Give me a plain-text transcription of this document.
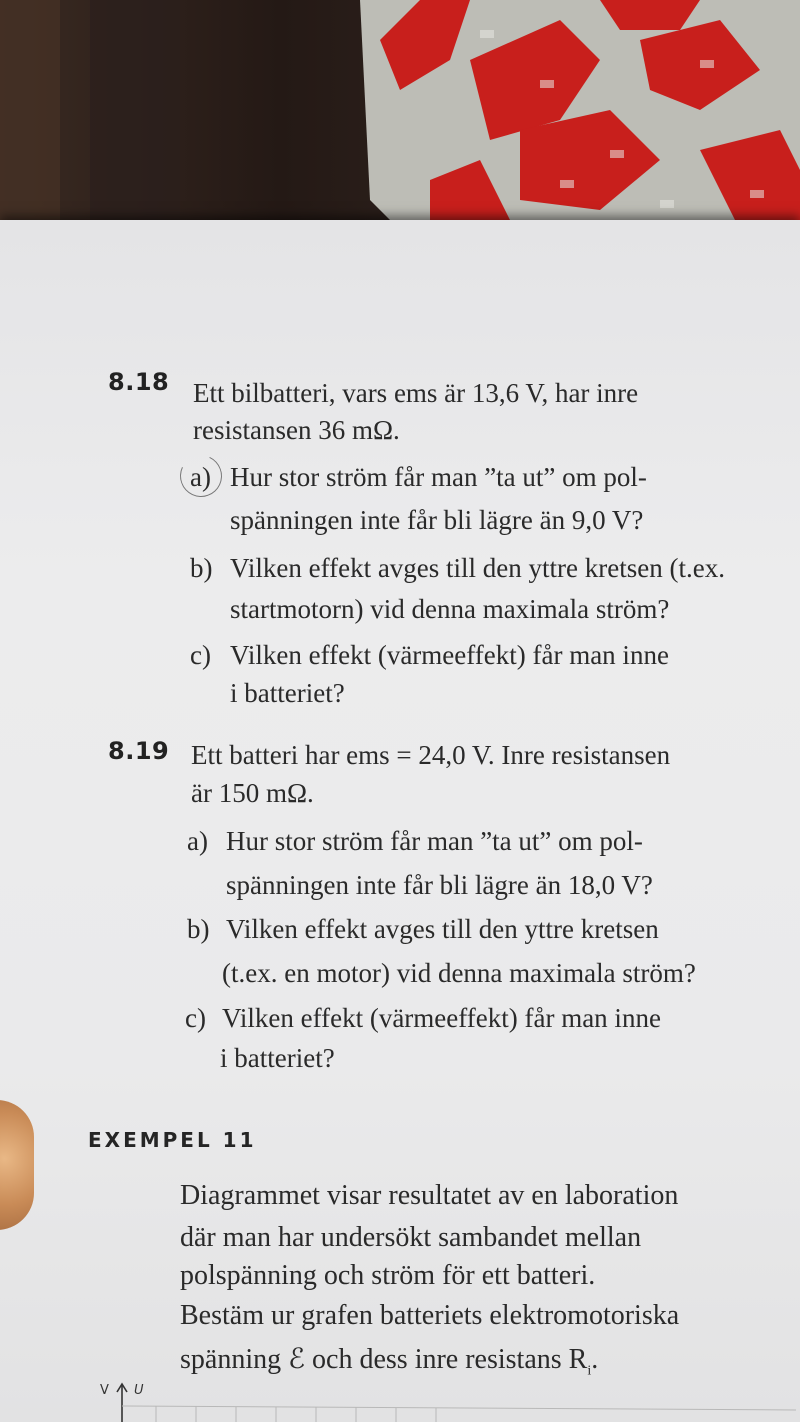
8.18 Ett bilbatteri, vars ems är 13,6 V, har inre
resistansen 36 mΩ.
a) Hur stor ström får man ”ta ut” om pol-
spänningen inte får bli lägre än 9,0 V?
b) Vilken effekt avges till den yttre kretsen (t.ex.
startmotorn) vid denna maximala ström?
c) Vilken effekt (värmeeffekt) får man inne
i batteriet?
8.19 Ett batteri har ems = 24,0 V. Inre resistansen
är 150 mΩ.
a) Hur stor ström får man ”ta ut” om pol-
spänningen inte får bli lägre än 18,0 V?
b) Vilken effekt avges till den yttre kretsen
(t.ex. en motor) vid denna maximala ström?
c) Vilken effekt (värmeeffekt) får man inne
i batteriet?
EXEMPEL 11
Diagrammet visar resultatet av en laboration
där man har undersökt sambandet mellan
polspänning och ström för ett batteri.
Bestäm ur grafen batteriets elektromotoriska
spänning ℰ och dess inre resistans $R_i$.
V U
